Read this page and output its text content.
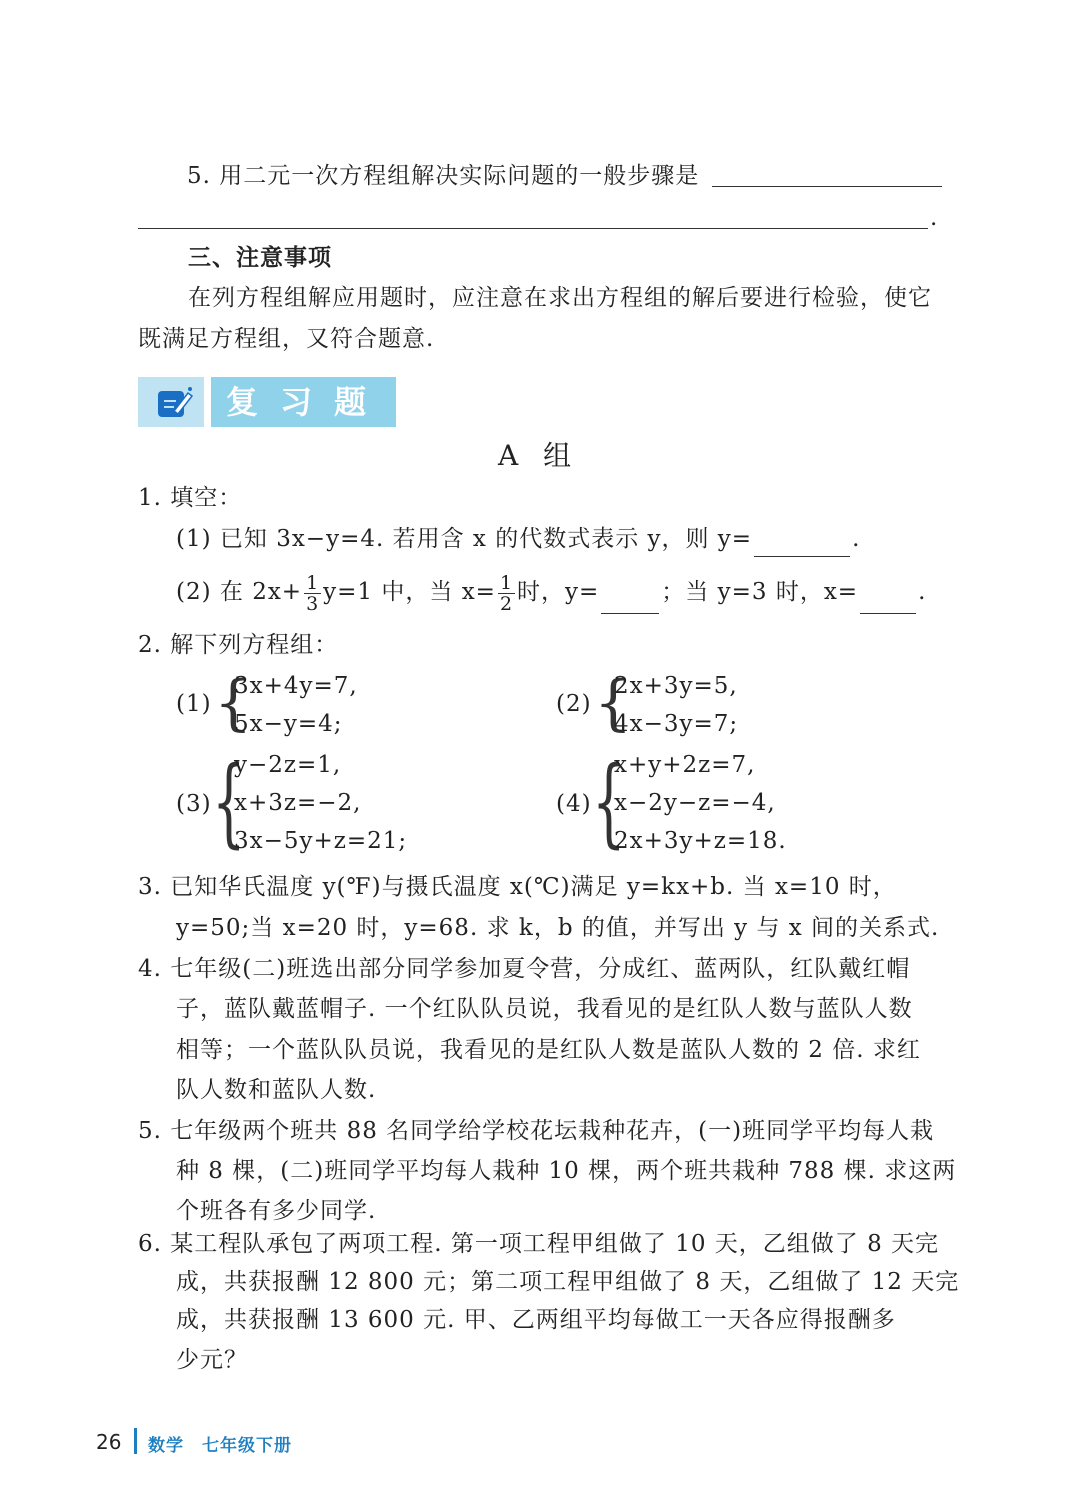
5. 用二元一次方程组解决实际问题的一般步骤是
.
三、注意事项
在列方程组解应用题时，应注意在求出方程组的解后要进行检验，使它
既满足方程组，又符合题意.
复习题
A 组
1. 填空：
(1) 已知 3x−y=4. 若用含 x 的代数式表示 y，则 y=	.
(2) 在 $2x+ \frac{1}{3} y=1$ 中，当 $x= \frac{1}{2}$ 时，y=	；当 y=3 时，x=	.
2. 解下列方程组：
(1) {
3x+4y=7,
5x−y=4;
(2) {
2x+3y=5,
4x−3y=7;
(3) {
y−2z=1,
x+3z=−2,
3x−5y+z=21;
(4) {
x+y+2z=7,
x−2y−z=−4,
2x+3y+z=18.
3. 已知华氏温度 y(℉)与摄氏温度 x(℃)满足 y=kx+b. 当 x=10 时，
y=50;当 x=20 时，y=68. 求 k，b 的值，并写出 y 与 x 间的关系式.
4. 七年级(二)班选出部分同学参加夏令营，分成红、蓝两队，红队戴红帽
子，蓝队戴蓝帽子. 一个红队队员说，我看见的是红队人数与蓝队人数
相等；一个蓝队队员说，我看见的是红队人数是蓝队人数的 2 倍. 求红
队人数和蓝队人数.
5. 七年级两个班共 88 名同学给学校花坛栽种花卉，(一)班同学平均每人栽
种 8 棵，(二)班同学平均每人栽种 10 棵，两个班共栽种 788 棵. 求这两
个班各有多少同学.
6. 某工程队承包了两项工程. 第一项工程甲组做了 10 天，乙组做了 8 天完
成，共获报酬 12 800 元；第二项工程甲组做了 8 天，乙组做了 12 天完
成，共获报酬 13 600 元. 甲、乙两组平均每做工一天各应得报酬多
少元？
26 数学　七年级下册
